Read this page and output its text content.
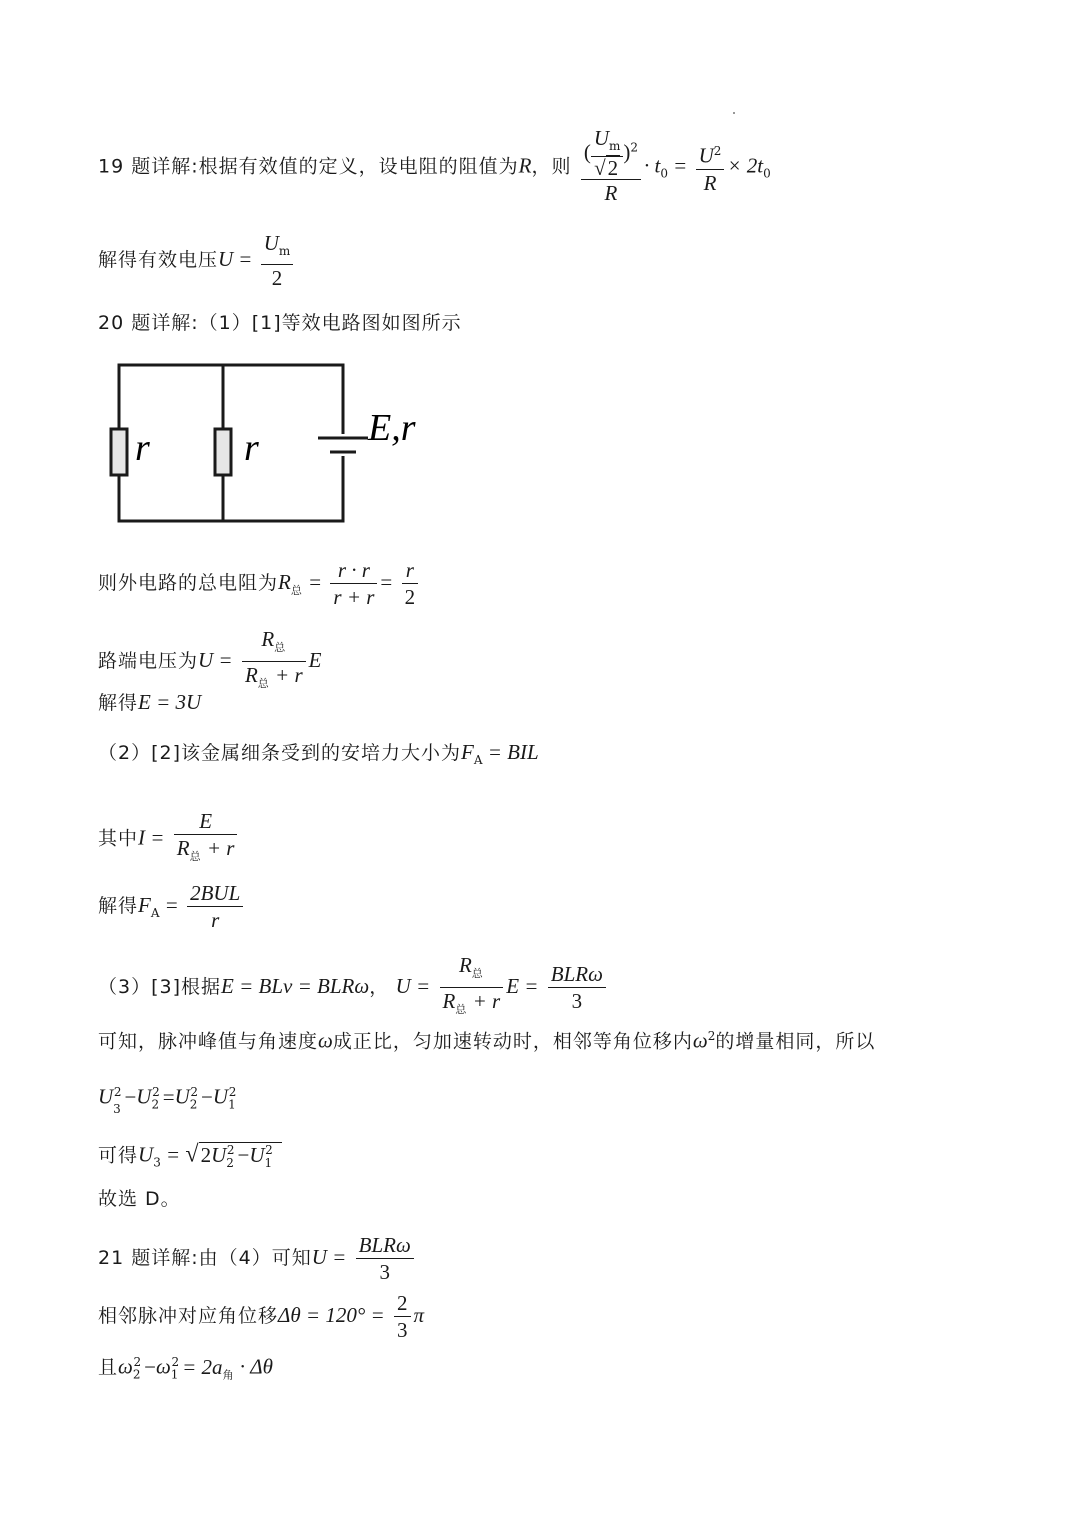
19 题详解:根据有效值的定义，设电阻的阻值为R，则 $\frac{( \frac{U_m}{√2} )^2}{R} \cdot t_0 = \frac{U^2}{R} \times 2t_0$
解得有效电压$U = \frac{U_m}{2}$
20 题详解:（1）[1]等效电路图如图所示
r r	E,r
则外电路的总电阻为$R_总 = \frac{r \cdot r}{r + r} = \frac{r}{2}$
路端电压为$U = \frac{R_总}{R_总 + r}$ E
解得E = 3U
（2）[2]该金属细条受到的安培力大小为$F_A$ = BIL
其中$I = \frac{E}{R_总 + r}$
解得$F_A = \frac{\text{2BUL}}{r}$
（3）[3]根据E = BLv = BLRω， $U = \frac{R_总}{R_总 + r}$ $E = \frac{\text{BLRω}}{3}$
可知，脉冲峰值与角速度ω成正比，匀加速转动时，相邻等角位移内$\omega^2$的增量相同，所以
$U_3^2 -U_2^2 =U_2^2 -U_1^2$
可得$U_3 = √2U_2^2 -U_1^2$
故选 D。
21 题详解:由（4）可知$U = \frac{\text{BLRω}}{3}$
相邻脉冲对应角位移$\Delta\theta = 120^\circ = \frac{2}{3}$ π
且$\omega_2^2 -\omega_1^2 = 2a_角 \cdot \Delta\theta$
